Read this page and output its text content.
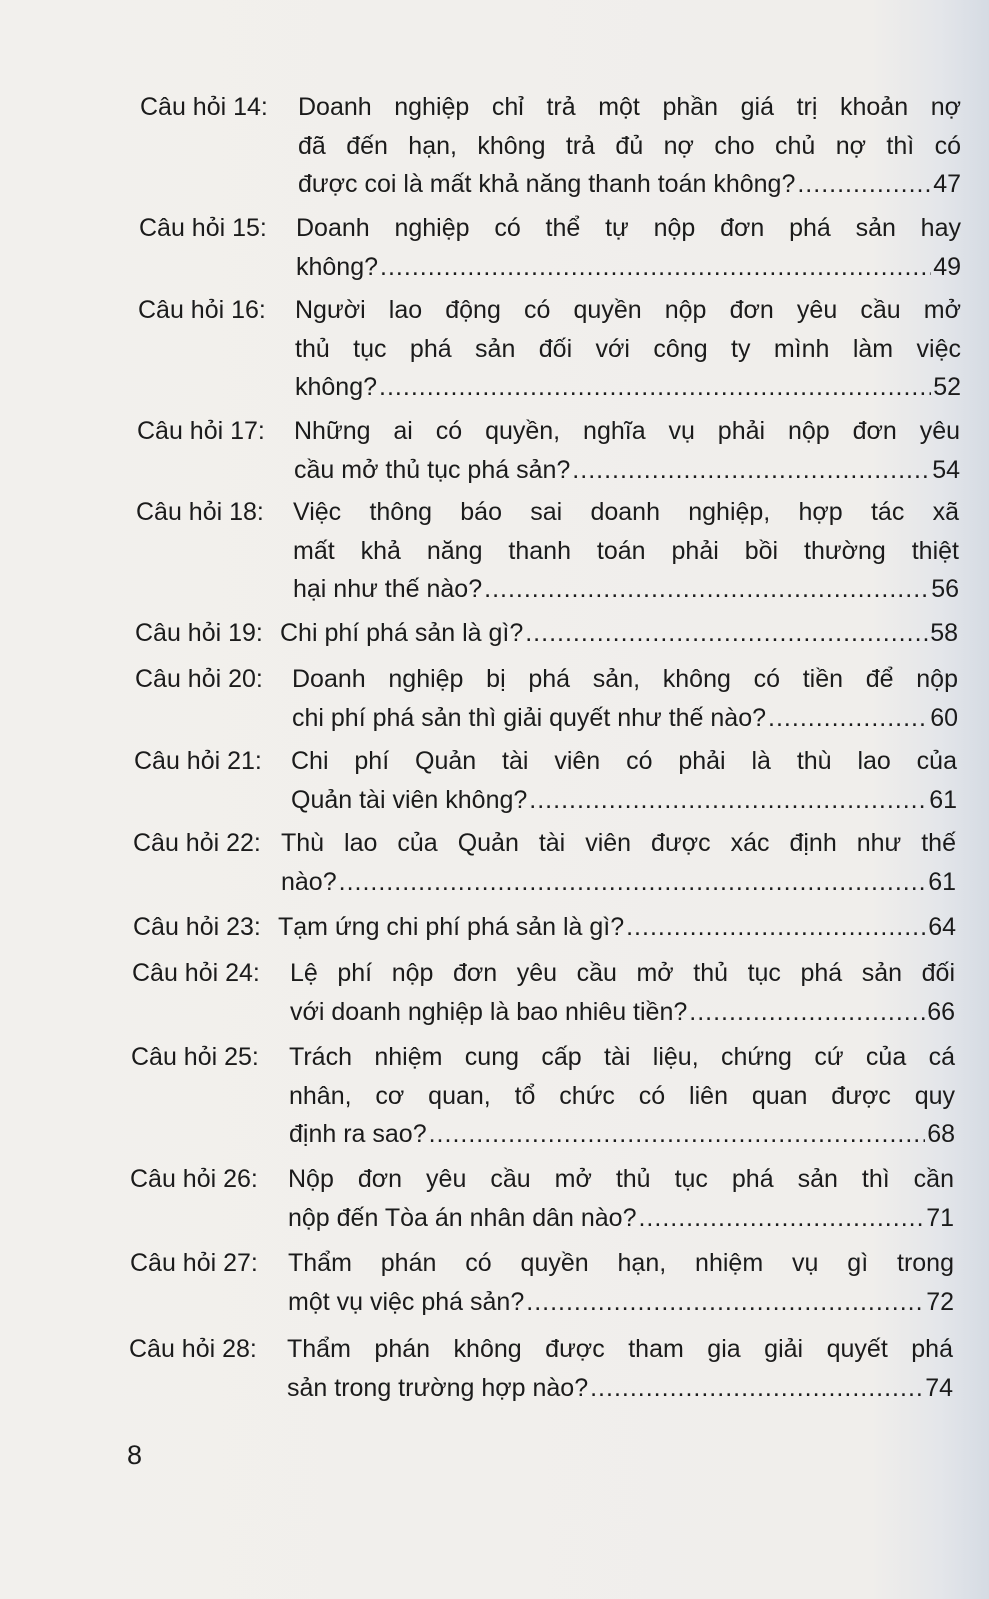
Câu hỏi 14: Doanh nghiệp chỉ trả một phần giá trị khoản nợ
đã đến hạn, không trả đủ nợ cho chủ nợ thì có
được coi là mất khả năng thanh toán không? .....	47
Câu hỏi 15: Doanh nghiệp có thể tự nộp đơn phá sản hay
không? .....	49
Câu hỏi 16: Người lao động có quyền nộp đơn yêu cầu mở
thủ tục phá sản đối với công ty mình làm việc
không? .....	52
Câu hỏi 17: Những ai có quyền, nghĩa vụ phải nộp đơn yêu
cầu mở thủ tục phá sản? .....	54
Câu hỏi 18: Việc thông báo sai doanh nghiệp, hợp tác xã
mất khả năng thanh toán phải bồi thường thiệt
hại như thế nào? .....	56
Câu hỏi 19: Chi phí phá sản là gì? .....	58
Câu hỏi 20: Doanh nghiệp bị phá sản, không có tiền để nộp
chi phí phá sản thì giải quyết như thế nào? .....	60
Câu hỏi 21: Chi phí Quản tài viên có phải là thù lao của
Quản tài viên không? .....	61
Câu hỏi 22: Thù lao của Quản tài viên được xác định như thế
nào? .....	61
Câu hỏi 23: Tạm ứng chi phí phá sản là gì? .....	64
Câu hỏi 24: Lệ phí nộp đơn yêu cầu mở thủ tục phá sản đối
với doanh nghiệp là bao nhiêu tiền? .....	66
Câu hỏi 25: Trách nhiệm cung cấp tài liệu, chứng cứ của cá
nhân, cơ quan, tổ chức có liên quan được quy
định ra sao? .....	68
Câu hỏi 26: Nộp đơn yêu cầu mở thủ tục phá sản thì cần
nộp đến Tòa án nhân dân nào? .....	71
Câu hỏi 27: Thẩm phán có quyền hạn, nhiệm vụ gì trong
một vụ việc phá sản? .....	72
Câu hỏi 28: Thẩm phán không được tham gia giải quyết phá
sản trong trường hợp nào? .....	74
8
